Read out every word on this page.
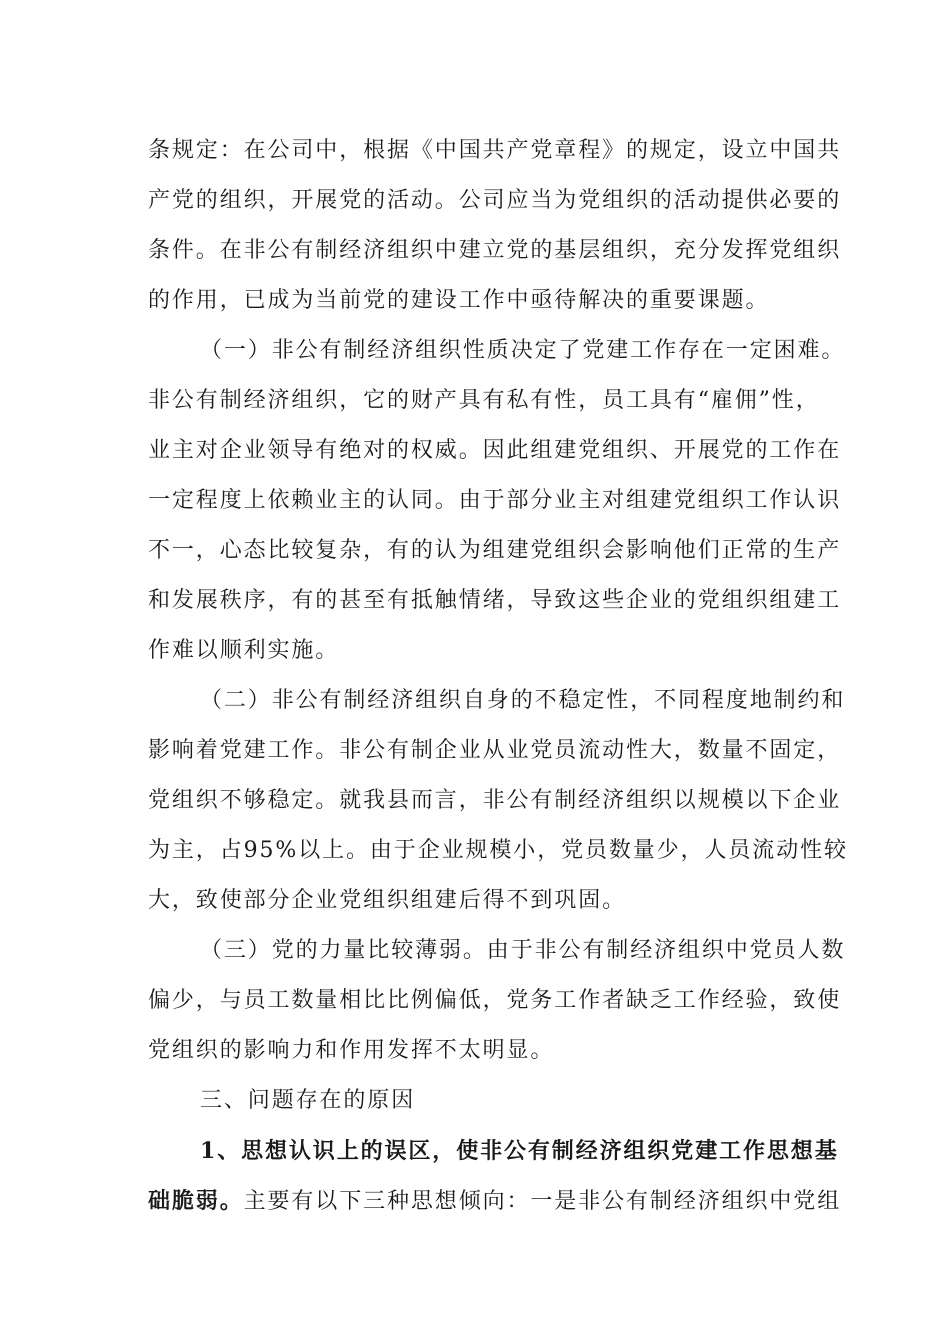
条规定：在公司中，根据《中国共产党章程》的规定，设立中国共
产党的组织，开展党的活动。公司应当为党组织的活动提供必要的
条件。在非公有制经济组织中建立党的基层组织，充分发挥党组织
的作用，已成为当前党的建设工作中亟待解决的重要课题。
（一）非公有制经济组织性质决定了党建工作存在一定困难。
非公有制经济组织，它的财产具有私有性，员工具有“雇佣”性，
业主对企业领导有绝对的权威。因此组建党组织、开展党的工作在
一定程度上依赖业主的认同。由于部分业主对组建党组织工作认识
不一，心态比较复杂，有的认为组建党组织会影响他们正常的生产
和发展秩序，有的甚至有抵触情绪，导致这些企业的党组织组建工
作难以顺利实施。
（二）非公有制经济组织自身的不稳定性，不同程度地制约和
影响着党建工作。非公有制企业从业党员流动性大，数量不固定，
党组织不够稳定。就我县而言，非公有制经济组织以规模以下企业
为主，占95%以上。由于企业规模小，党员数量少，人员流动性较
大，致使部分企业党组织组建后得不到巩固。
（三）党的力量比较薄弱。由于非公有制经济组织中党员人数
偏少，与员工数量相比比例偏低，党务工作者缺乏工作经验，致使
党组织的影响力和作用发挥不太明显。
三、问题存在的原因
1、思想认识上的误区，使非公有制经济组织党建工作思想基
础脆弱。主要有以下三种思想倾向：一是非公有制经济组织中党组
